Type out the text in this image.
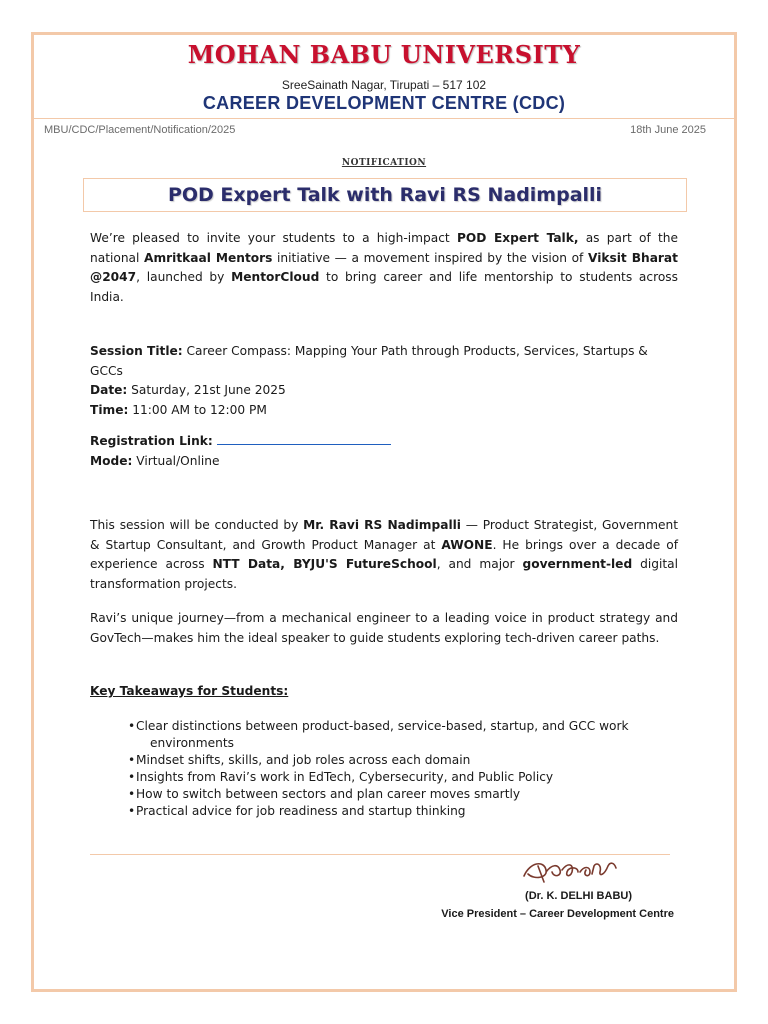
MOHAN BABU UNIVERSITY
SreeSainath Nagar, Tirupati – 517 102
CAREER DEVELOPMENT CENTRE (CDC)
MBU/CDC/Placement/Notification/2025	18th June 2025
NOTIFICATION
POD Expert Talk with Ravi RS Nadimpalli

We’re pleased to invite your students to a high-impact POD Expert Talk, as part of the national Amritkaal Mentors initiative — a movement inspired by the vision of Viksit Bharat @2047, launched by MentorCloud to bring career and life mentorship to students across India.

Session Title: Career Compass: Mapping Your Path through Products, Services, Startups & GCCs
Date: Saturday, 21st June 2025
Time: 11:00 AM to 12:00 PM
Registration Link:
Mode: Virtual/Online

This session will be conducted by Mr. Ravi RS Nadimpalli — Product Strategist, Government & Startup Consultant, and Growth Product Manager at AWONE. He brings over a decade of experience across NTT Data, BYJU'S FutureSchool, and major government-led digital transformation projects.

Ravi’s unique journey—from a mechanical engineer to a leading voice in product strategy and GovTech—makes him the ideal speaker to guide students exploring tech-driven career paths.

Key Takeaways for Students:
• Clear distinctions between product-based, service-based, startup, and GCC work
environments
• Mindset shifts, skills, and job roles across each domain
• Insights from Ravi’s work in EdTech, Cybersecurity, and Public Policy
• How to switch between sectors and plan career moves smartly
• Practical advice for job readiness and startup thinking
(Dr. K. DELHI BABU)
Vice President – Career Development Centre
